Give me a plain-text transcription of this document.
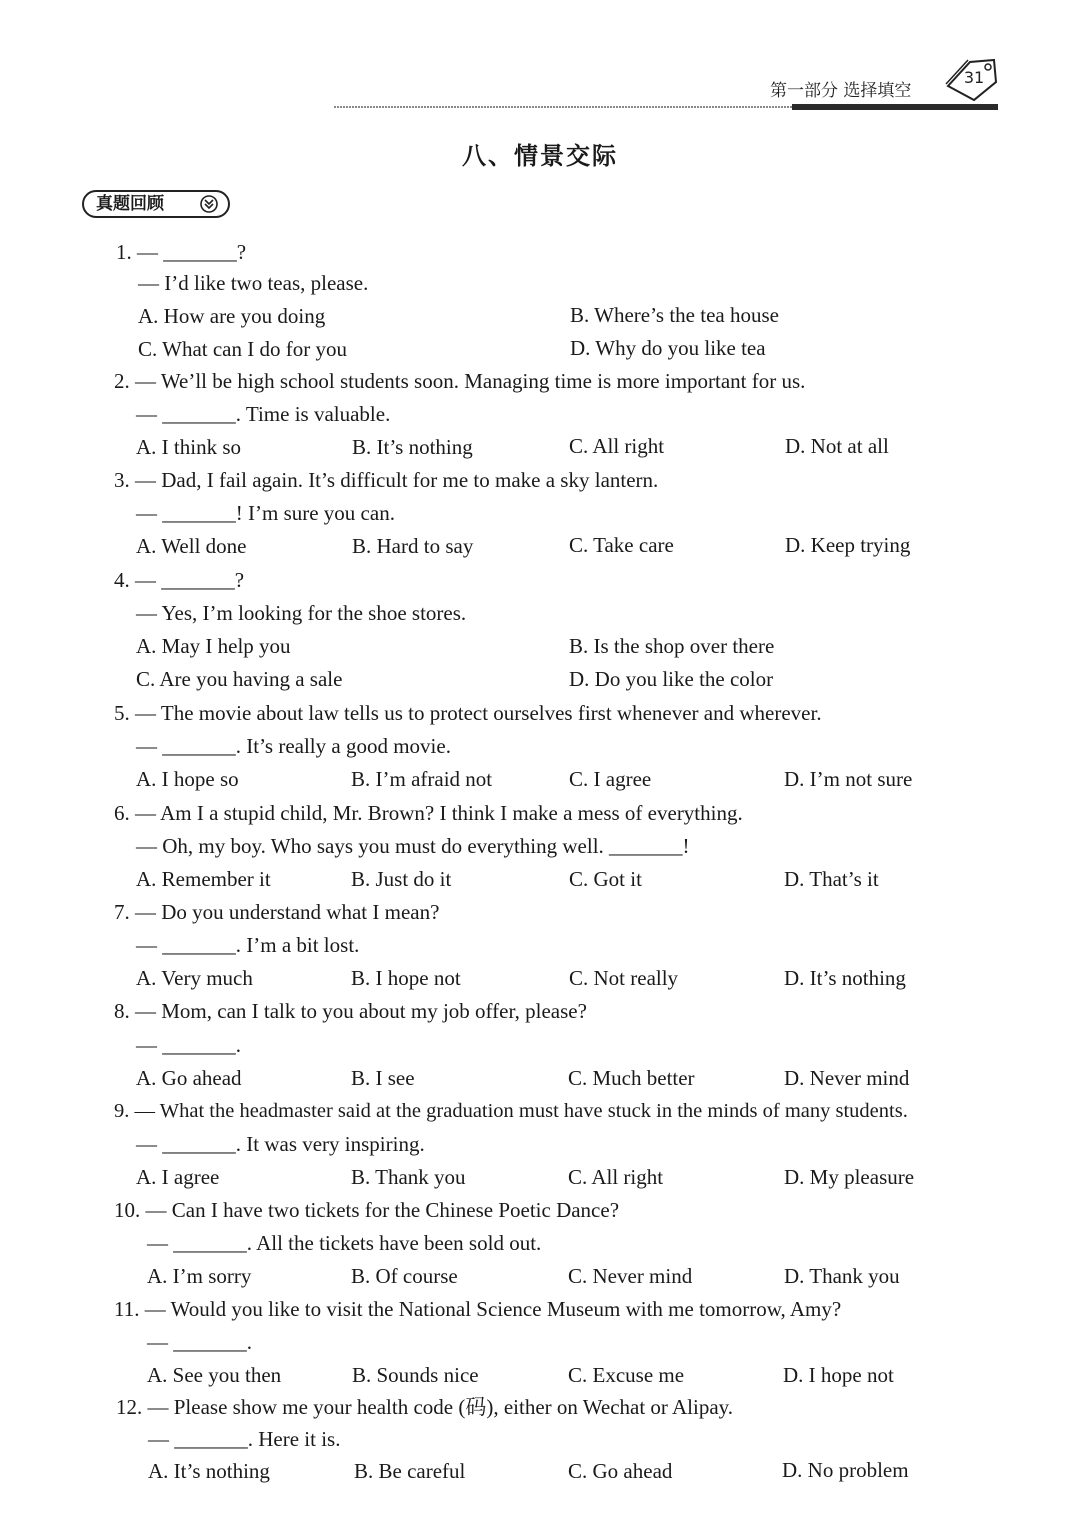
第一部分 选择填空
31
八、情景交际
真题回顾
1. — _______?
— I’d like two teas, please.
A. How are you doing	B. Where’s the tea house
C. What can I do for you	D. Why do you like tea
2. — We’ll be high school students soon. Managing time is more important for us.
— _______. Time is valuable.
A. I think so	B. It’s nothing	C. All right	D. Not at all
3. — Dad, I fail again. It’s difficult for me to make a sky lantern.
— _______! I’m sure you can.
A. Well done	B. Hard to say	C. Take care	D. Keep trying
4. — _______?
— Yes, I’m looking for the shoe stores.
A. May I help you	B. Is the shop over there
C. Are you having a sale	D. Do you like the color
5. — The movie about law tells us to protect ourselves first whenever and wherever.
— _______. It’s really a good movie.
A. I hope so	B. I’m afraid not	C. I agree	D. I’m not sure
6. — Am I a stupid child, Mr. Brown? I think I make a mess of everything.
— Oh, my boy. Who says you must do everything well. _______!
A. Remember it	B. Just do it	C. Got it	D. That’s it
7. — Do you understand what I mean?
— _______. I’m a bit lost.
A. Very much	B. I hope not	C. Not really	D. It’s nothing
8. — Mom, can I talk to you about my job offer, please?
— _______.
A. Go ahead	B. I see	C. Much better	D. Never mind
9. — What the headmaster said at the graduation must have stuck in the minds of many students.
— _______. It was very inspiring.
A. I agree	B. Thank you	C. All right	D. My pleasure
10. — Can I have two tickets for the Chinese Poetic Dance?
— _______. All the tickets have been sold out.
A. I’m sorry	B. Of course	C. Never mind	D. Thank you
11. — Would you like to visit the National Science Museum with me tomorrow, Amy?
— _______.
A. See you then	B. Sounds nice	C. Excuse me	D. I hope not
12. — Please show me your health code (码), either on Wechat or Alipay.
— _______. Here it is.
A. It’s nothing	B. Be careful	C. Go ahead	D. No problem
